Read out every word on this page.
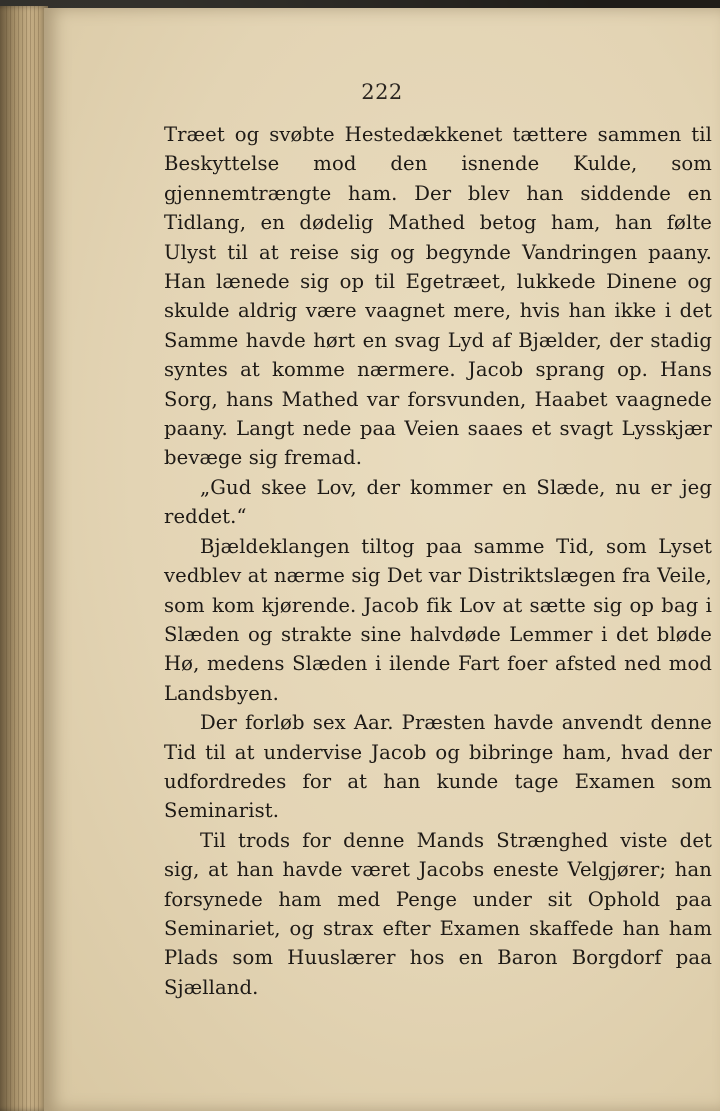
222

Træet og svøbte Hestedækkenet tættere sammen til Beskyttelse mod den isnende Kulde, som gjennemtrængte ham. Der blev han siddende en Tidlang, en dødelig Mathed betog ham, han følte Ulyst til at reise sig og begynde Vandringen paany. Han lænede sig op til Egetræet, lukkede Dinene og skulde aldrig være vaagnet mere, hvis han ikke i det Samme havde hørt en svag Lyd af Bjælder, der stadig syntes at komme nærmere. Jacob sprang op. Hans Sorg, hans Mathed var forsvunden, Haabet vaagnede paany. Langt nede paa Veien saaes et svagt Lysskjær bevæge sig fremad.

„Gud skee Lov, der kommer en Slæde, nu er jeg reddet.“

Bjældeklangen tiltog paa samme Tid, som Lyset vedblev at nærme sig Det var Distriktslægen fra Veile, som kom kjørende. Jacob fik Lov at sætte sig op bag i Slæden og strakte sine halvdøde Lemmer i det bløde Hø, medens Slæden i ilende Fart foer afsted ned mod Landsbyen.

Der forløb sex Aar. Præsten havde anvendt denne Tid til at undervise Jacob og bibringe ham, hvad der udfordredes for at han kunde tage Examen som Seminarist.

Til trods for denne Mands Strænghed viste det sig, at han havde været Jacobs eneste Velgjører; han forsynede ham med Penge under sit Ophold paa Seminariet, og strax efter Examen skaffede han ham Plads som Huuslærer hos en Baron Borgdorf paa Sjælland.
